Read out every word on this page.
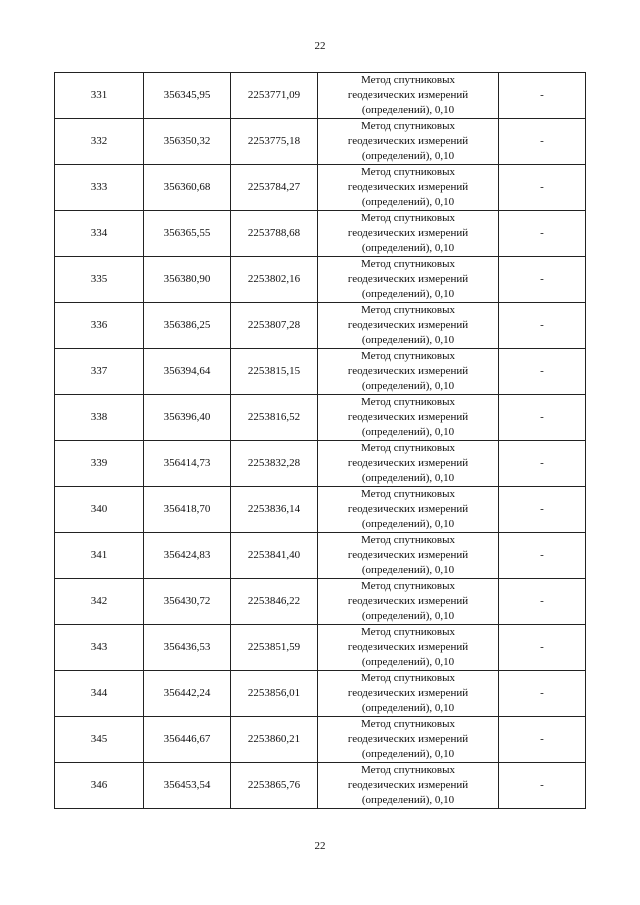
22
331	356345,95	2253771,09	Метод спутниковых
геодезических измерений
(определений), 0,10	-
332	356350,32	2253775,18	Метод спутниковых
геодезических измерений
(определений), 0,10	-
333	356360,68	2253784,27	Метод спутниковых
геодезических измерений
(определений), 0,10	-
334	356365,55	2253788,68	Метод спутниковых
геодезических измерений
(определений), 0,10	-
335	356380,90	2253802,16	Метод спутниковых
геодезических измерений
(определений), 0,10	-
336	356386,25	2253807,28	Метод спутниковых
геодезических измерений
(определений), 0,10	-
337	356394,64	2253815,15	Метод спутниковых
геодезических измерений
(определений), 0,10	-
338	356396,40	2253816,52	Метод спутниковых
геодезических измерений
(определений), 0,10	-
339	356414,73	2253832,28	Метод спутниковых
геодезических измерений
(определений), 0,10	-
340	356418,70	2253836,14	Метод спутниковых
геодезических измерений
(определений), 0,10	-
341	356424,83	2253841,40	Метод спутниковых
геодезических измерений
(определений), 0,10	-
342	356430,72	2253846,22	Метод спутниковых
геодезических измерений
(определений), 0,10	-
343	356436,53	2253851,59	Метод спутниковых
геодезических измерений
(определений), 0,10	-
344	356442,24	2253856,01	Метод спутниковых
геодезических измерений
(определений), 0,10	-
345	356446,67	2253860,21	Метод спутниковых
геодезических измерений
(определений), 0,10	-
346	356453,54	2253865,76	Метод спутниковых
геодезических измерений
(определений), 0,10	-
22
